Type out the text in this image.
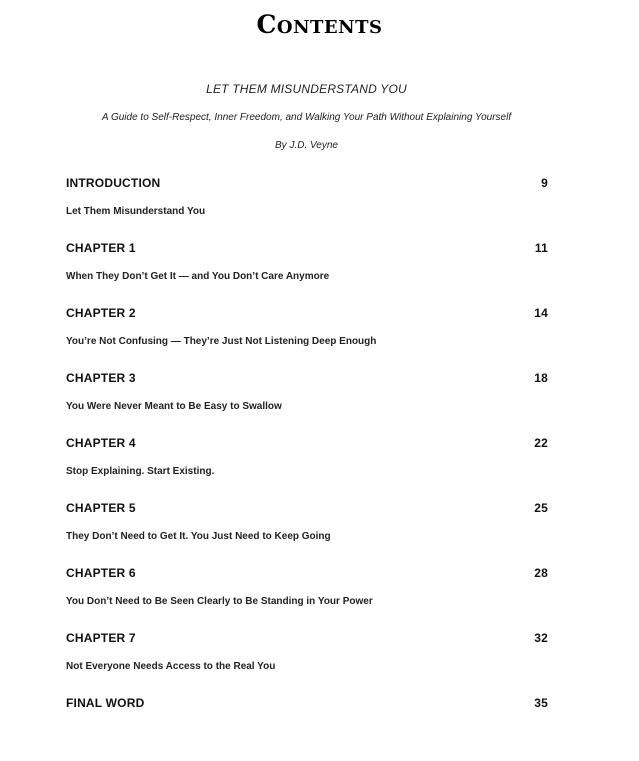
Contents
LET THEM MISUNDERSTAND YOU
A Guide to Self-Respect, Inner Freedom, and Walking Your Path Without Explaining Yourself
By J.D. Veyne
INTRODUCTION	9
Let Them Misunderstand You
CHAPTER 1	11
When They Don’t Get It — and You Don’t Care Anymore
CHAPTER 2	14
You’re Not Confusing — They’re Just Not Listening Deep Enough
CHAPTER 3	18
You Were Never Meant to Be Easy to Swallow
CHAPTER 4	22
Stop Explaining. Start Existing.
CHAPTER 5	25
They Don’t Need to Get It. You Just Need to Keep Going
CHAPTER 6	28
You Don’t Need to Be Seen Clearly to Be Standing in Your Power
CHAPTER 7	32
Not Everyone Needs Access to the Real You
FINAL WORD	35
